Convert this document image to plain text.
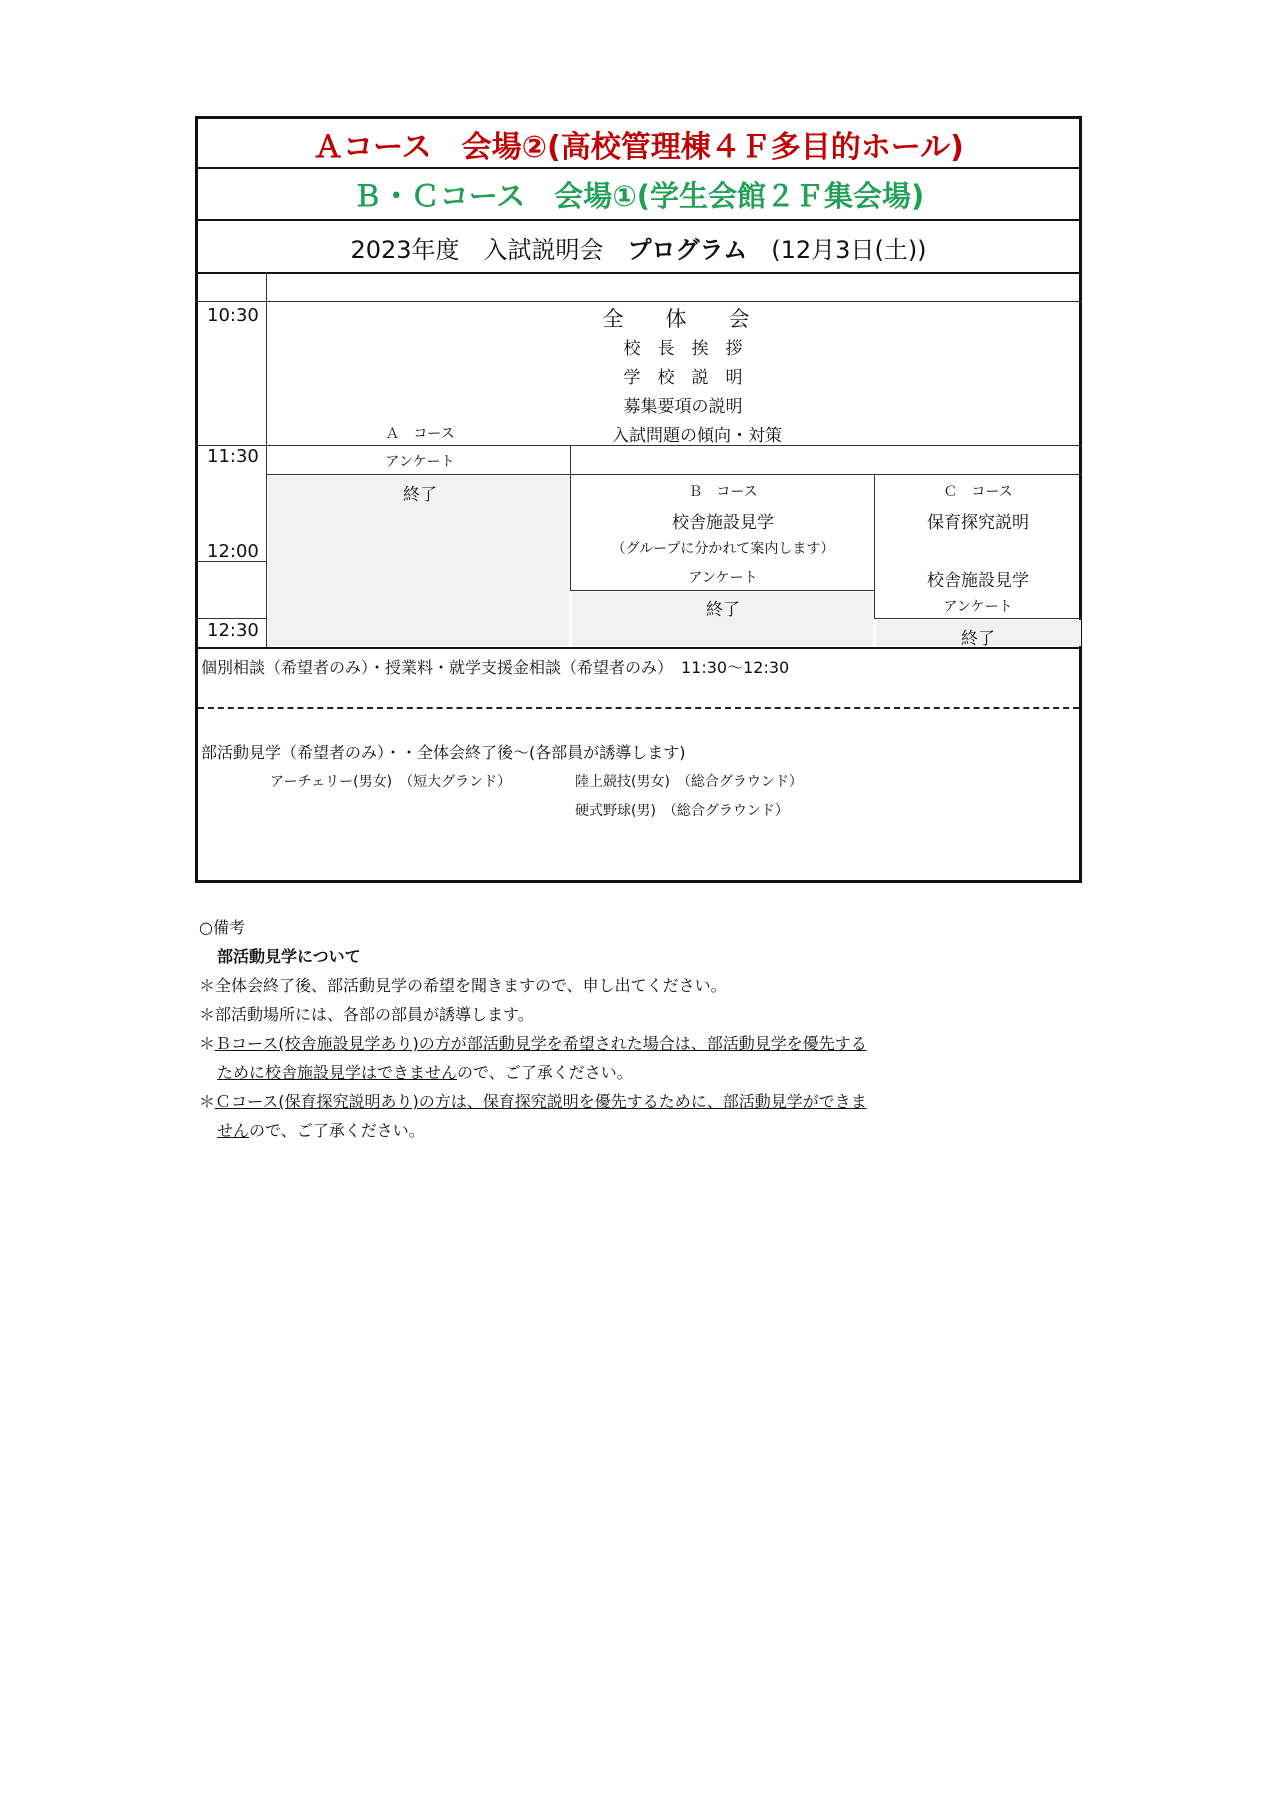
Ａコース　会場②(高校管理棟４Ｆ多目的ホール)
Ｂ・Ｃコース　会場①(学生会館２Ｆ集会場)
2023年度　入試説明会　プログラム　(12月3日(土))
10:30
11:30
12:00
12:30
全　　体　　会
校　長　挨　拶
学　校　説　明
募集要項の説明
入試問題の傾向・対策
Ａ　コース
アンケート
終了	Ｂ　コース
校舎施設見学
（グループに分かれて案内します）
アンケート
終了
Ｃ　コース
保育探究説明
校舎施設見学
アンケート
終了
個別相談（希望者のみ）・授業料・就学支援金相談（希望者のみ）　11:30～12:30
部活動見学（希望者のみ）・・全体会終了後～(各部員が誘導します)
アーチェリー(男女)　（短大グランド）	陸上競技(男女)　（総合グラウンド）
硬式野球(男)　（総合グラウンド）
○備考
部活動見学について
＊全体会終了後、部活動見学の希望を聞きますので、申し出てください。
＊部活動場所には、各部の部員が誘導します。
＊Ｂコース(校舎施設見学あり)の方が部活動見学を希望された場合は、部活動見学を優先する
ために校舎施設見学はできませんので、ご了承ください。
＊Ｃコース(保育探究説明あり)の方は、保育探究説明を優先するために、部活動見学ができま
せんので、ご了承ください。
